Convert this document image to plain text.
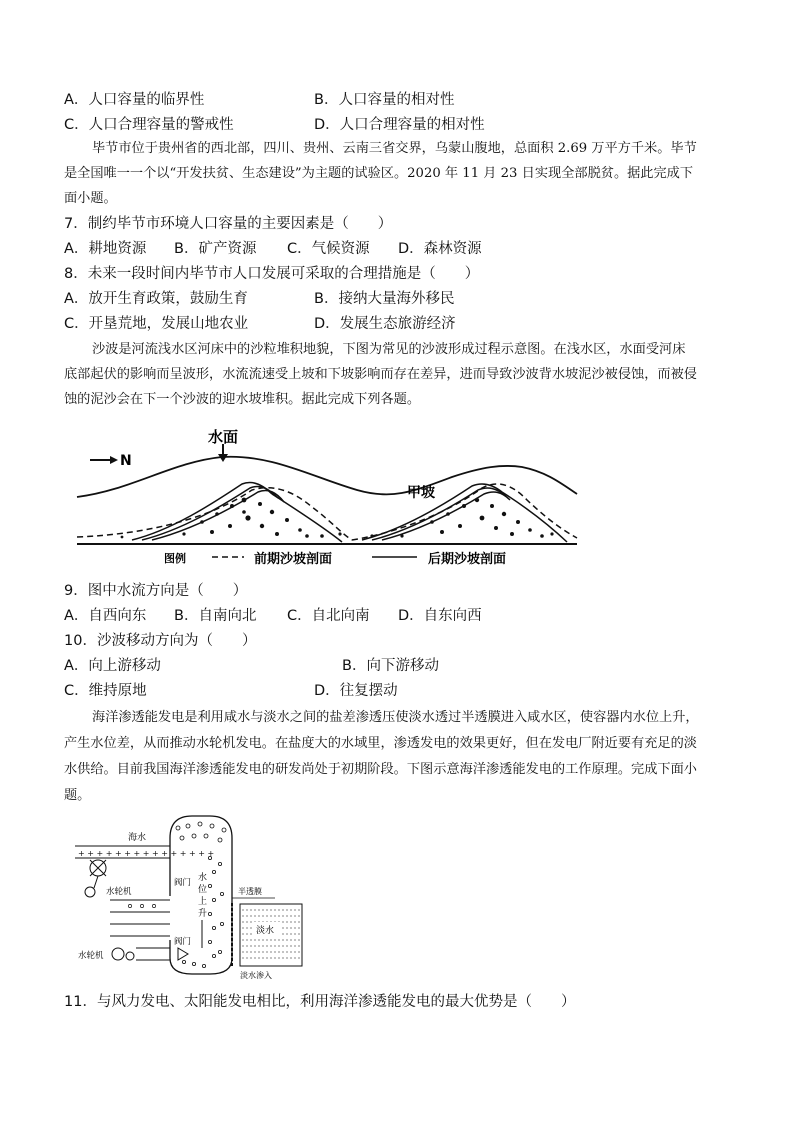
A．人口容量的临界性	B．人口容量的相对性
C．人口合理容量的警戒性	D．人口合理容量的相对性
毕节市位于贵州省的西北部，四川、贵州、云南三省交界，乌蒙山腹地，总面积 2.69 万平方千米。毕节
是全国唯一一个以“开发扶贫、生态建设”为主题的试验区。2020 年 11 月 23 日实现全部脱贫。据此完成下
面小题。
7．制约毕节市环境人口容量的主要因素是（　　）
A．耕地资源 B．矿产资源 C．气候资源 D．森林资源
8．未来一段时间内毕节市人口发展可采取的合理措施是（　　）
A．放开生育政策，鼓励生育	B．接纳大量海外移民
C．开垦荒地，发展山地农业	D．发展生态旅游经济
沙波是河流浅水区河床中的沙粒堆积地貌，下图为常见的沙波形成过程示意图。在浅水区，水面受河床
底部起伏的影响而呈波形，水流流速受上坡和下坡影响而存在差异，进而导致沙波背水坡泥沙被侵蚀，而被侵
蚀的泥沙会在下一个沙波的迎水坡堆积。据此完成下列各题。
N
水面
甲坡
图例	前期沙坡剖面	后期沙坡剖面
9．图中水流方向是（　　）
A．自西向东 B．自南向北 C．自北向南 D．自东向西
10．沙波移动方向为（　　）
A．向上游移动	B．向下游移动
C．维持原地	D．往复摆动
海洋渗透能发电是利用咸水与淡水之间的盐差渗透压使淡水透过半透膜进入咸水区，使容器内水位上升，
产生水位差，从而推动水轮机发电。在盐度大的水域里，渗透发电的效果更好，但在发电厂附近要有充足的淡
水供给。目前我国海洋渗透能发电的研发尚处于初期阶段。下图示意海洋渗透能发电的工作原理。完成下面小
题。
海水
+ + + + + + + + + + + + + + +
水
位
上
升
水轮机
阀门
水轮机
阀门
半透膜
淡水
淡水渗入
11．与风力发电、太阳能发电相比，利用海洋渗透能发电的最大优势是（　　）
